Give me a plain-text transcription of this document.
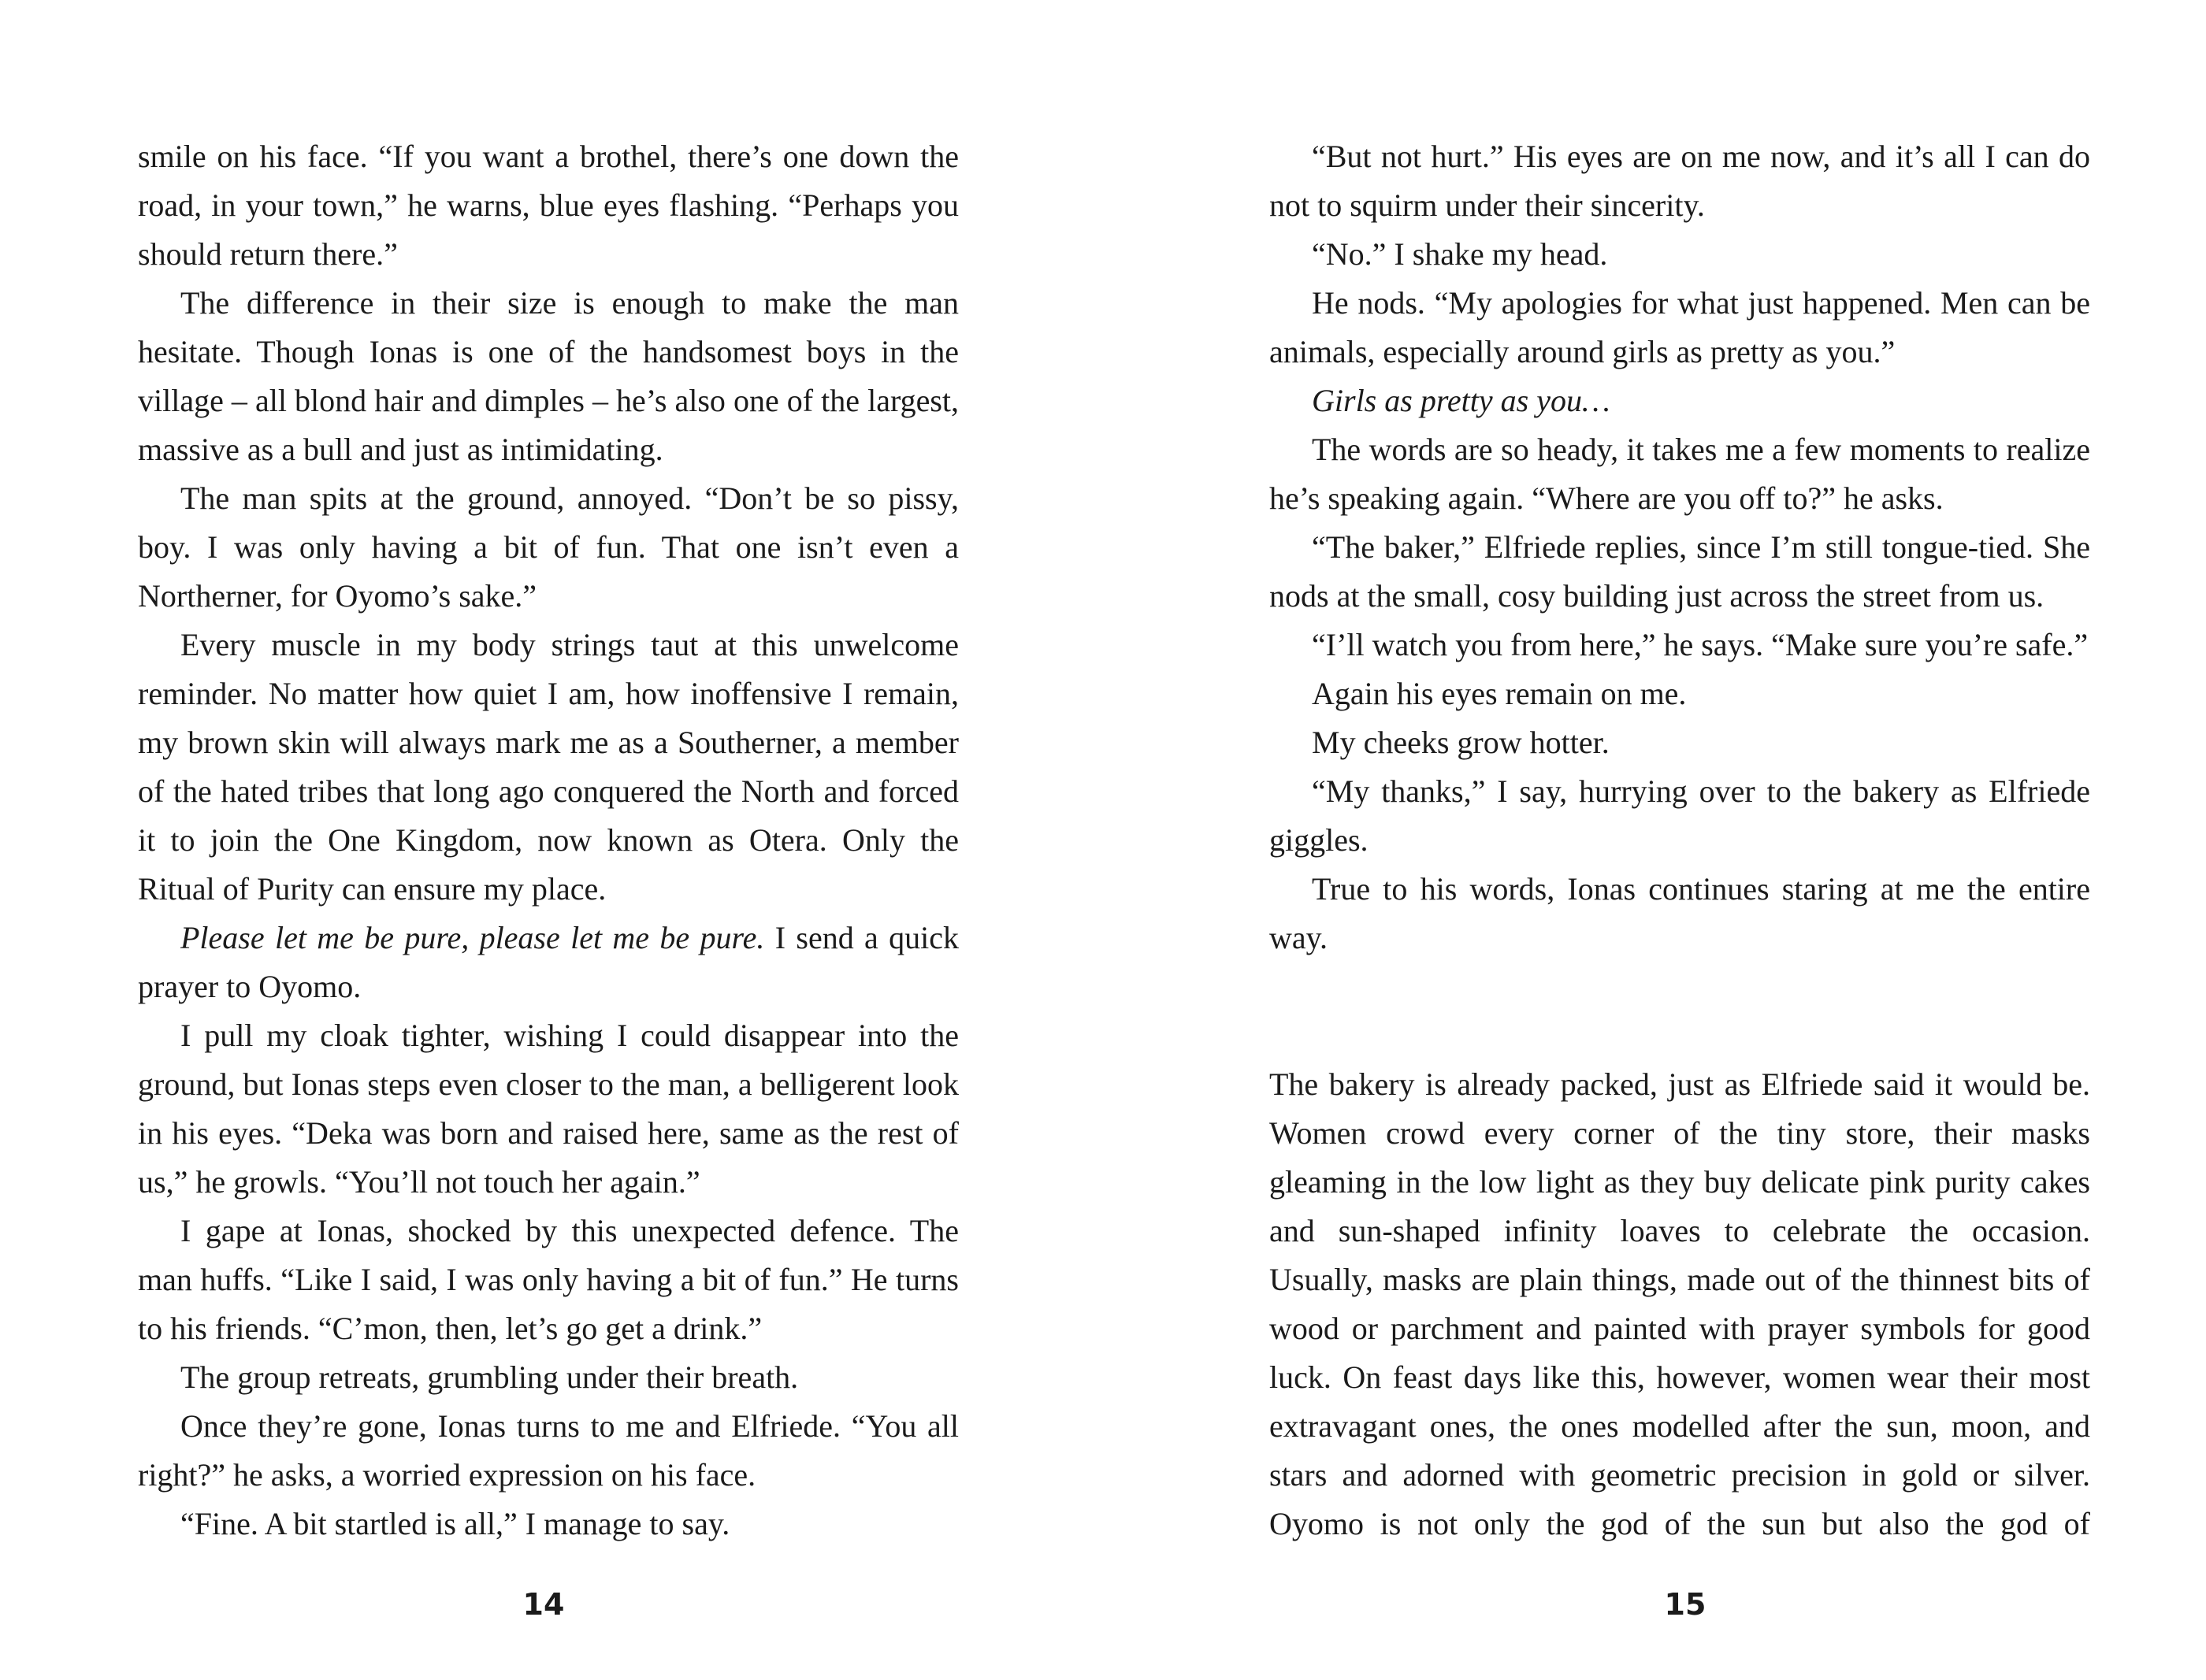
smile on his face. “If you want a brothel, there’s one down the road, in your town,” he warns, blue eyes flashing. “Perhaps you should return there.”

The difference in their size is enough to make the man hesitate. Though Ionas is one of the handsomest boys in the village – all blond hair and dimples – he’s also one of the largest, massive as a bull and just as intimidating.

The man spits at the ground, annoyed. “Don’t be so pissy, boy. I was only having a bit of fun. That one isn’t even a Northerner, for Oyomo’s sake.”

Every muscle in my body strings taut at this unwelcome reminder. No matter how quiet I am, how inoffensive I remain, my brown skin will always mark me as a Southerner, a member of the hated tribes that long ago conquered the North and forced it to join the One Kingdom, now known as Otera. Only the Ritual of Purity can ensure my place.

Please let me be pure, please let me be pure. I send a quick prayer to Oyomo.

I pull my cloak tighter, wishing I could disappear into the ground, but Ionas steps even closer to the man, a belligerent look in his eyes. “Deka was born and raised here, same as the rest of us,” he growls. “You’ll not touch her again.”

I gape at Ionas, shocked by this unexpected defence. The man huffs. “Like I said, I was only having a bit of fun.” He turns to his friends. “C’mon, then, let’s go get a drink.”

The group retreats, grumbling under their breath.

Once they’re gone, Ionas turns to me and Elfriede. “You all right?” he asks, a worried expression on his face.

“Fine. A bit startled is all,” I manage to say.

“But not hurt.” His eyes are on me now, and it’s all I can do not to squirm under their sincerity.

“No.” I shake my head.

He nods. “My apologies for what just happened. Men can be animals, especially around girls as pretty as you.”

Girls as pretty as you…

The words are so heady, it takes me a few moments to realize he’s speaking again. “Where are you off to?” he asks.

“The baker,” Elfriede replies, since I’m still tongue-tied. She nods at the small, cosy building just across the street from us.

“I’ll watch you from here,” he says. “Make sure you’re safe.”

Again his eyes remain on me.

My cheeks grow hotter.

“My thanks,” I say, hurrying over to the bakery as Elfriede giggles.

True to his words, Ionas continues staring at me the entire way.

The bakery is already packed, just as Elfriede said it would be. Women crowd every corner of the tiny store, their masks gleaming in the low light as they buy delicate pink purity cakes and sun-shaped infinity loaves to celebrate the occasion. Usually, masks are plain things, made out of the thinnest bits of wood or parchment and painted with prayer symbols for good luck. On feast days like this, however, women wear their most extravagant ones, the ones modelled after the sun, moon, and stars and adorned with geometric precision in gold or silver. Oyomo is not only the god of the sun but also the god of

14	15
